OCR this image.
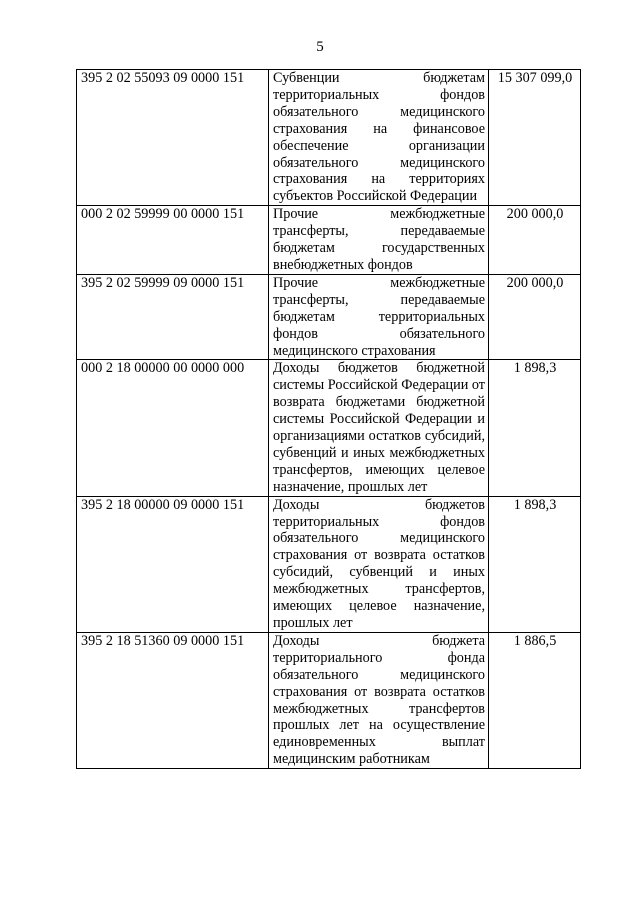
5
395 2 02 55093 09 0000 151	Субвенции бюджетам территориальных фондов обязательного медицинского страхования на финансовое обеспечение организации обязательного медицинского страхования на территориях субъектов Российской Федерации	15 307 099,0
000 2 02 59999 00 0000 151	Прочие межбюджетные трансферты, передаваемые бюджетам государственных внебюджетных фондов	200 000,0
395 2 02 59999 09 0000 151	Прочие межбюджетные трансферты, передаваемые бюджетам территориальных фондов обязательного медицинского страхования	200 000,0
000 2 18 00000 00 0000 000	Доходы бюджетов бюджетной системы Российской Федерации от возврата бюджетами бюджетной системы Российской Федерации и организациями остатков субсидий, субвенций и иных межбюджетных трансфертов, имеющих целевое назначение, прошлых лет	1 898,3
395 2 18 00000 09 0000 151	Доходы бюджетов территориальных фондов обязательного медицинского страхования от возврата остатков субсидий, субвенций и иных межбюджетных трансфертов, имеющих целевое назначение, прошлых лет	1 898,3
395 2 18 51360 09 0000 151	Доходы бюджета территориального фонда обязательного медицинского страхования от возврата остатков межбюджетных трансфертов прошлых лет на осуществление единовременных выплат медицинским работникам	1 886,5
